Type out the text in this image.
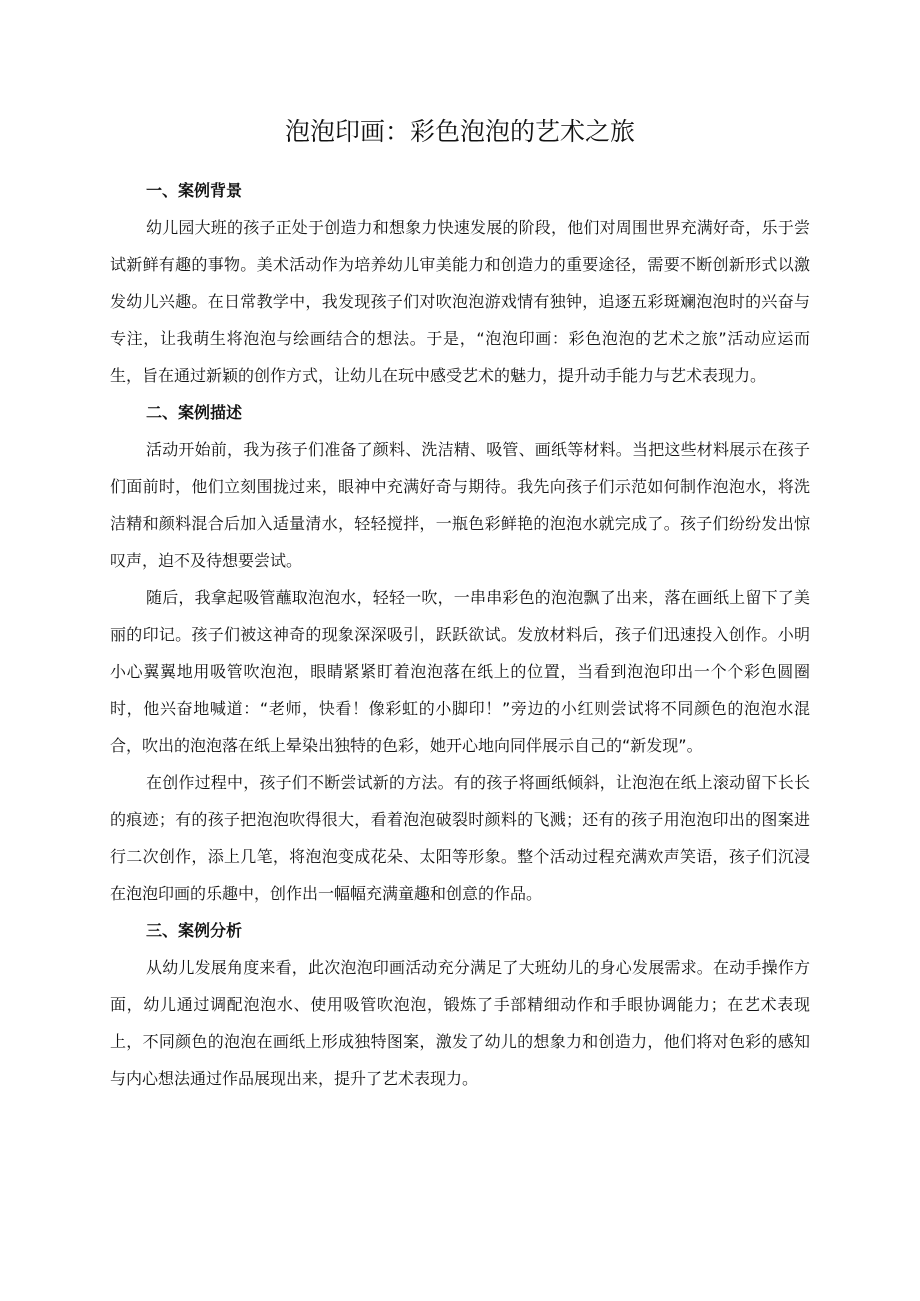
泡泡印画：彩色泡泡的艺术之旅
一、案例背景

幼儿园大班的孩子正处于创造力和想象力快速发展的阶段，他们对周围世界充满好奇，乐于尝试新鲜有趣的事物。美术活动作为培养幼儿审美能力和创造力的重要途径，需要不断创新形式以激发幼儿兴趣。在日常教学中，我发现孩子们对吹泡泡游戏情有独钟，追逐五彩斑斓泡泡时的兴奋与专注，让我萌生将泡泡与绘画结合的想法。于是，“泡泡印画：彩色泡泡的艺术之旅”活动应运而生，旨在通过新颖的创作方式，让幼儿在玩中感受艺术的魅力，提升动手能力与艺术表现力。

二、案例描述

活动开始前，我为孩子们准备了颜料、洗洁精、吸管、画纸等材料。当把这些材料展示在孩子们面前时，他们立刻围拢过来，眼神中充满好奇与期待。我先向孩子们示范如何制作泡泡水，将洗洁精和颜料混合后加入适量清水，轻轻搅拌，一瓶色彩鲜艳的泡泡水就完成了。孩子们纷纷发出惊叹声，迫不及待想要尝试。

随后，我拿起吸管蘸取泡泡水，轻轻一吹，一串串彩色的泡泡飘了出来，落在画纸上留下了美丽的印记。孩子们被这神奇的现象深深吸引，跃跃欲试。发放材料后，孩子们迅速投入创作。小明小心翼翼地用吸管吹泡泡，眼睛紧紧盯着泡泡落在纸上的位置，当看到泡泡印出一个个彩色圆圈时，他兴奋地喊道：“老师，快看！像彩虹的小脚印！”旁边的小红则尝试将不同颜色的泡泡水混合，吹出的泡泡落在纸上晕染出独特的色彩，她开心地向同伴展示自己的“新发现”。

在创作过程中，孩子们不断尝试新的方法。有的孩子将画纸倾斜，让泡泡在纸上滚动留下长长的痕迹；有的孩子把泡泡吹得很大，看着泡泡破裂时颜料的飞溅；还有的孩子用泡泡印出的图案进行二次创作，添上几笔，将泡泡变成花朵、太阳等形象。整个活动过程充满欢声笑语，孩子们沉浸在泡泡印画的乐趣中，创作出一幅幅充满童趣和创意的作品。

三、案例分析

从幼儿发展角度来看，此次泡泡印画活动充分满足了大班幼儿的身心发展需求。在动手操作方面，幼儿通过调配泡泡水、使用吸管吹泡泡，锻炼了手部精细动作和手眼协调能力；在艺术表现上，不同颜色的泡泡在画纸上形成独特图案，激发了幼儿的想象力和创造力，他们将对色彩的感知与内心想法通过作品展现出来，提升了艺术表现力。
